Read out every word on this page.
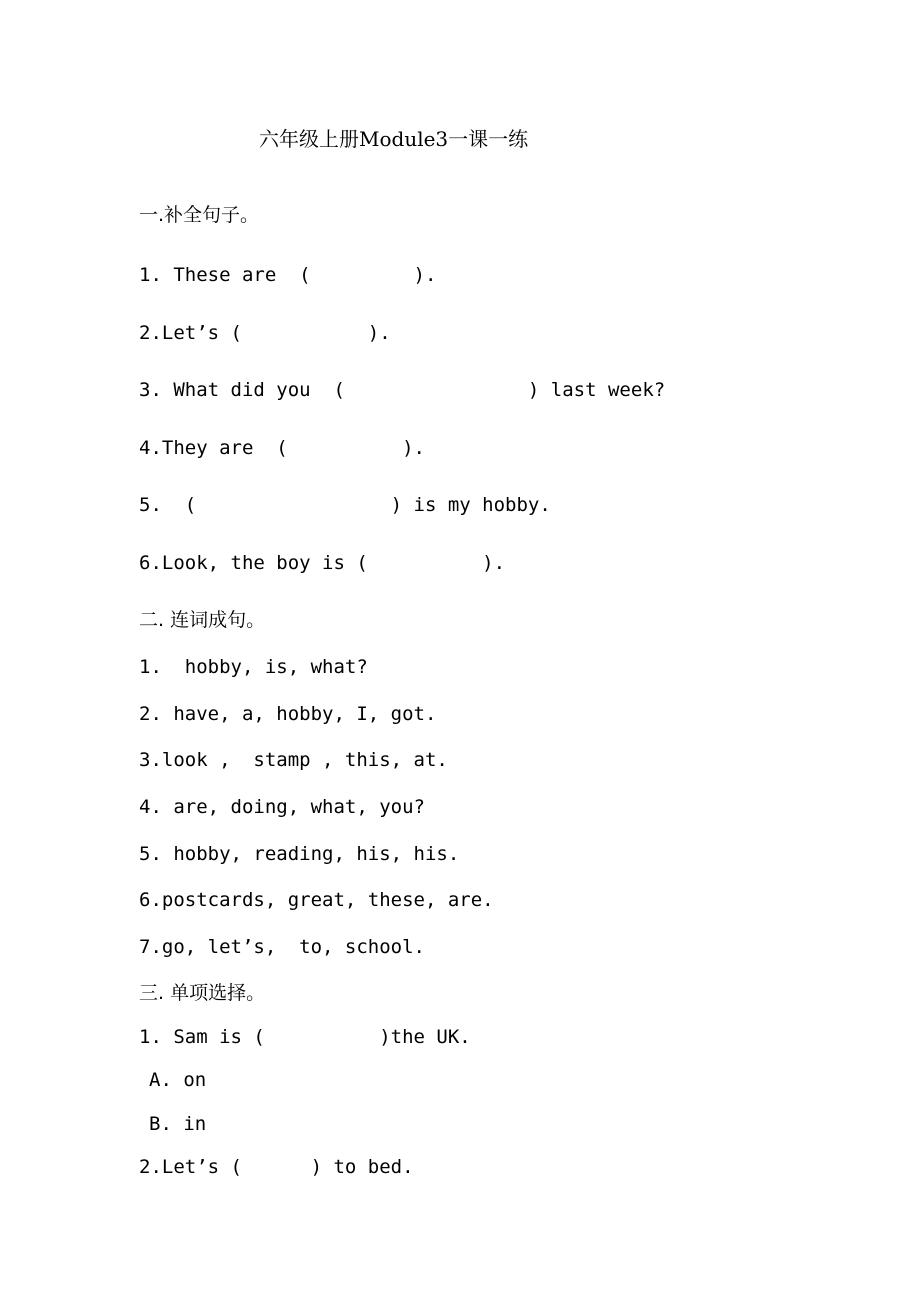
六年级上册Module3一课一练
一.补全句子。
1. These are  (         ).
2.Let’s (           ).
3. What did you  (                ) last week?
4.They are  (          ).
5.  (                 ) is my hobby.
6.Look, the boy is (          ).
二. 连词成句。
1.  hobby, is, what?
2. have, a, hobby, I, got.
3.look ,  stamp , this, at.
4. are, doing, what, you?
5. hobby, reading, his, his.
6.postcards, great, these, are.
7.go, let’s,  to, school.
三. 单项选择。
1. Sam is (          )the UK.
A. on
B. in
2.Let’s (      ) to bed.
